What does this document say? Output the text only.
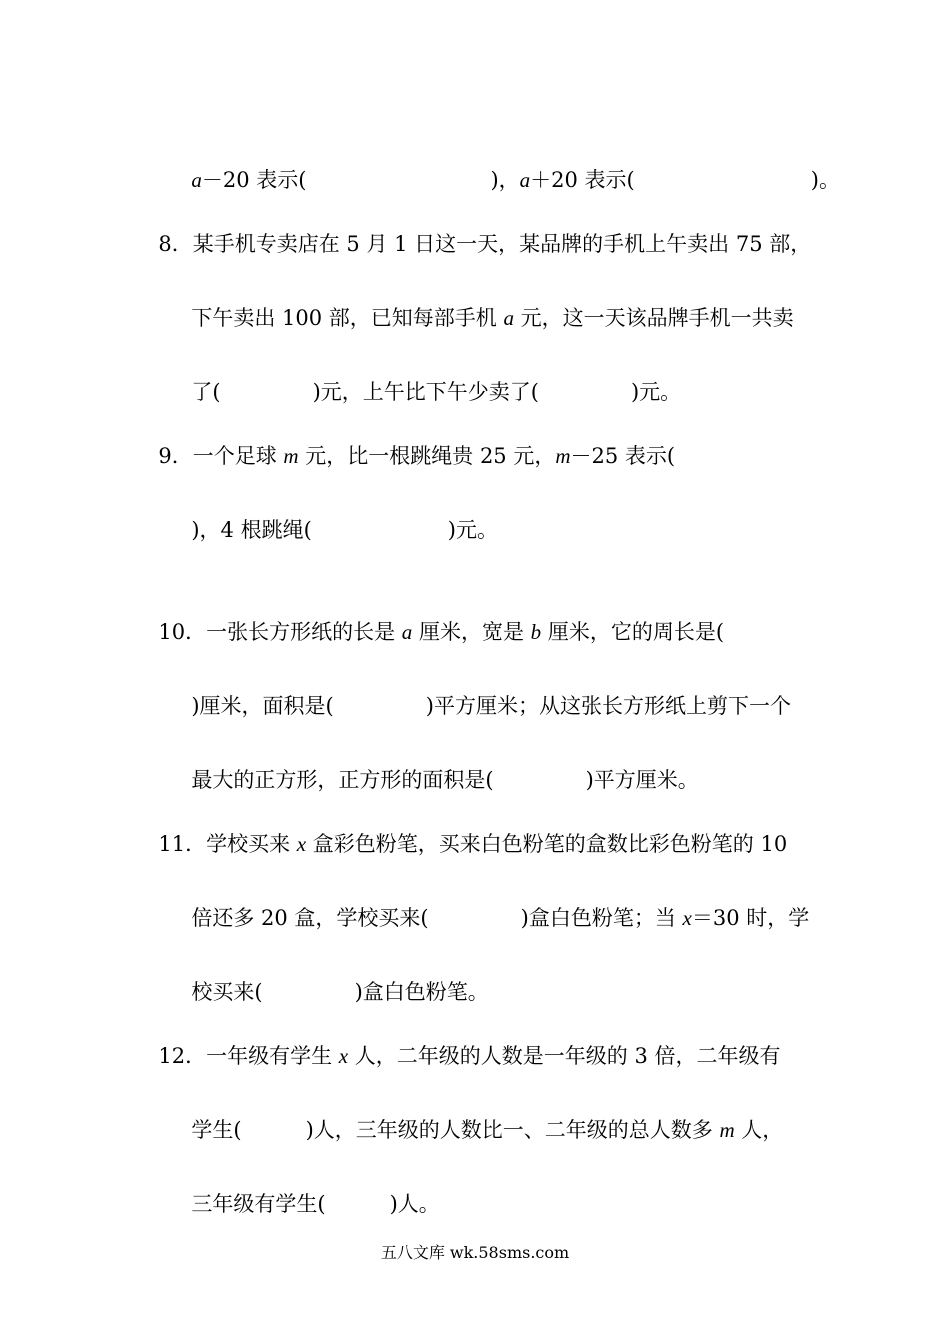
a－20 表示(	)，a＋20 表示(	)。

8．某手机专卖店在 5 月 1 日这一天，某品牌的手机上午卖出 75 部，

下午卖出 100 部，已知每部手机 a 元，这一天该品牌手机一共卖

了(	)元，上午比下午少卖了(	)元。

9．一个足球 m 元，比一根跳绳贵 25 元，m－25 表示(

)，4 根跳绳(	)元。

10．一张长方形纸的长是 a 厘米，宽是 b 厘米，它的周长是(

)厘米，面积是(	)平方厘米；从这张长方形纸上剪下一个

最大的正方形，正方形的面积是(	)平方厘米。

11．学校买来 x 盒彩色粉笔，买来白色粉笔的盒数比彩色粉笔的 10

倍还多 20 盒，学校买来(	)盒白色粉笔；当 x＝30 时，学

校买来(	)盒白色粉笔。

12．一年级有学生 x 人，二年级的人数是一年级的 3 倍，二年级有

学生(	)人，三年级的人数比一、二年级的总人数多 m 人，

三年级有学生(	)人。

五八文库 wk.58sms.com
